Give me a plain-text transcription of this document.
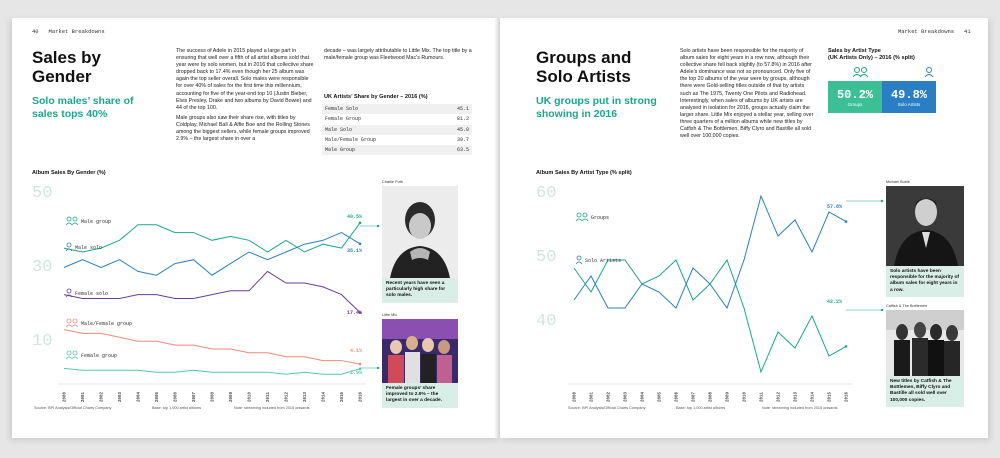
40 Market Breakdowns
Sales by
Gender
Solo males’ share of
sales tops 40%

The success of Adele in 2015 played a large part in ensuring that well over a fifth of all artist albums sold that year were by solo women, but in 2016 that collective share dropped back to 17.4% even though her 25 album was again the top seller overall. Solo males were responsible for over 40% of sales for the first time this millennium, accounting for five of the year-end top 10 (Justin Bieber, Elvis Presley, Drake and two albums by David Bowie) and 44 of the top 100.

Male groups also saw their share rise, with titles by Coldplay, Michael Ball & Alfie Boe and the Rolling Stones among the biggest sellers, while female groups improved 2.9% – the largest share in over a

decade – was largely attributable to Little Mix. The top title by a male/female group was Fleetwood Mac’s Rumours.

UK Artists’ Share by Gender – 2016 (%)
Female Solo	45.1
Female Group	81.2
Male Solo	45.0
Male/Female Group	39.7
Male Group	63.5
Album Sales By Gender (%)
50
30
10
2000	2001	2002	2003	2004	2005	2006	2007	2008	2009	2010	2011	2012	2013	2014	2015	2016
40.5%
Male group
35.1%
Male solo
17.4%
Female solo
4.1%
Male/Female group
2.9%
Female group
Source: BPI Analysis/Official Charts Company	Base: top 1,000 artist albums	Note: streaming included from 2015 onwards
Charlie Puth
Recent years have seen a particularly high share for solo males.
Little Mix
Female groups’ share improved to 2.9% – the largest in over a decade.
Market Breakdowns 41
Groups and
Solo Artists
UK groups put in strong
showing in 2016
Solo artists have been responsible for the majority of album sales for eight years in a row now, although their collective share fell back slightly (to 57.8%) in 2016 after Adele’s dominance was not so pronounced. Only five of the top 20 albums of the year were by groups, although there were Gold-selling titles outside of that by artists such as The 1975, Twenty One Pilots and Radiohead. Interestingly, when sales of albums by UK artists are analysed in isolation for 2016, groups actually claim the larger share. Little Mix enjoyed a stellar year, selling over three quarters of a million albums while new titles by Catfish & The Bottlemen, Biffy Clyro and Bastille all sold well over 100,000 copies.
Sales by Artist Type
(UK Artists Only) – 2016 (% split)
50.2%
Groups
49.8%
Solo Artists
Album Sales By Artist Type (% split)
60
50
40
2000	2001	2002	2003	2004	2005	2006	2007	2008	2009	2010	2011	2012	2013	2014	2015	2016
42.2%
Groups
57.8%
Solo Artists
Source: BPI Analysis/Official Charts Company	Base: top 1,000 artist albums	Note: streaming included from 2015 onwards
Michael Bublé
Solo artists have been responsible for the majority of album sales for eight years in a row.
Catfish & The Bottlemen
New titles by Catfish & The Bottlemen, Biffy Clyro and Bastille all sold well over 100,000 copies.
